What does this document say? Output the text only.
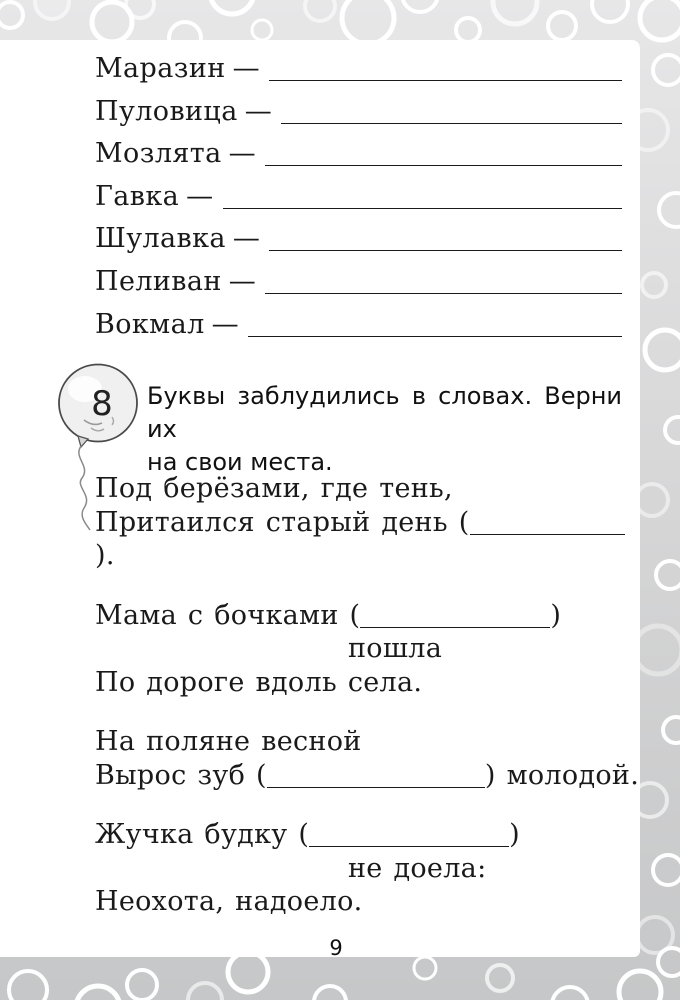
Маразин —
Пуловица —
Мозлята —
Гавка —
Шулавка —
Пеливан —
Вокмал —
8 Буквы заблудились в словах. Верни их
на свои места.
Под берёзами, где тень,
Притаился старый день ().
Мама с бочками (	)
пошла
По дороге вдоль села.
На поляне весной
Вырос зуб (	) молодой.
Жучка будку (	)
не доела:
Неохота, надоело.
9
